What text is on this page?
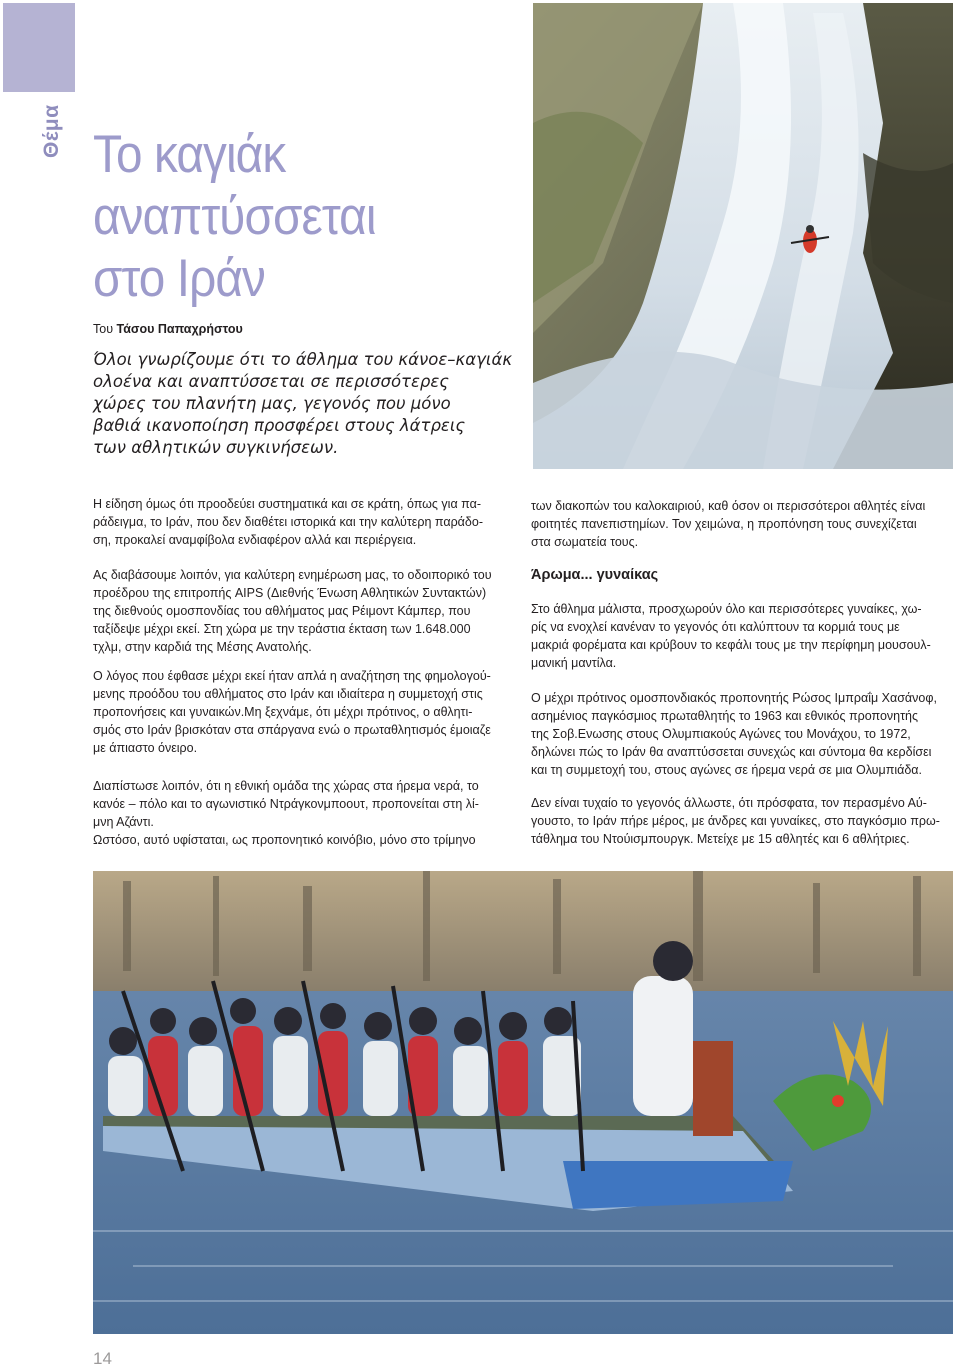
Θέμα Το καγιάκ
αναπτύσσεται
στο Ιράν
Του Τάσου Παπαχρήστου
Όλοι γνωρίζουμε ότι το άθλημα του κάνοε–καγιάκ
ολοένα και αναπτύσσεται σε περισσότερες
χώρες του πλανήτη μας, γεγονός που μόνο
βαθιά ικανοποίηση προσφέρει στους λάτρεις
των αθλητικών συγκινήσεων.
Η είδηση όμως ότι προοδεύει συστηματικά και σε κράτη, όπως για πα-
ράδειγμα, το Ιράν, που δεν διαθέτει ιστορικά και την καλύτερη παράδο-
ση, προκαλεί αναμφίβολα ενδιαφέρον αλλά και περιέργεια.
Ας διαβάσουμε λοιπόν, για καλύτερη ενημέρωση μας, το οδοιπορικό του
προέδρου της επιτροπής AIPS (Διεθνής Ένωση Αθλητικών Συντακτών)
της διεθνούς ομοσπονδίας του αθλήματος μας Ρέιμοντ Κάμπερ, που
ταξίδεψε μέχρι εκεί. Στη χώρα με την τεράστια έκταση των 1.648.000
τχλμ, στην καρδιά της Μέσης Ανατολής.
Ο λόγος που έφθασε μέχρι εκεί ήταν απλά η αναζήτηση της φημολογού-
μενης προόδου του αθλήματος στο Ιράν και ιδιαίτερα η συμμετοχή στις
προπονήσεις και γυναικών.Μη ξεχνάμε, ότι μέχρι πρότινος, ο αθλητι-
σμός στο Ιράν βρισκόταν στα σπάργανα ενώ ο πρωταθλητισμός έμοιαζε
με άπιαστο όνειρο.
Διαπίστωσε λοιπόν, ότι η εθνική ομάδα της χώρας στα ήρεμα νερά, το
κανόε – πόλο και το αγωνιστικό Ντράγκονμποουτ, προπονείται στη λί-
μνη Αζάντι.
Ωστόσο, αυτό υφίσταται, ως προπονητικό κοινόβιο, μόνο στο τρίμηνο
των διακοπών του καλοκαιριού, καθ όσον οι περισσότεροι αθλητές είναι
φοιτητές πανεπιστημίων. Τον χειμώνα, η προπόνηση τους συνεχίζεται
στα σωματεία τους.
Άρωμα... γυναίκας
Στο άθλημα μάλιστα, προσχωρούν όλο και περισσότερες γυναίκες, χω-
ρίς να ενοχλεί κανέναν το γεγονός ότι καλύπτουν τα κορμιά τους με
μακριά φορέματα και κρύβουν το κεφάλι τους με την περίφημη μουσουλ-
μανική μαντίλα.
Ο μέχρι πρότινος ομοσπονδιακός προπονητής Ρώσος Ιμπραΐμ Χασάνοφ,
ασημένιος παγκόσμιος πρωταθλητής το 1963 και εθνικός προπονητής
της Σοβ.Ενωσης στους Ολυμπιακούς Αγώνες του Μονάχου, το 1972,
δηλώνει πώς το Ιράν θα αναπτύσσεται συνεχώς και σύντομα θα κερδίσει
και τη συμμετοχή του, στους αγώνες σε ήρεμα νερά σε μια Ολυμπιάδα.
Δεν είναι τυχαίο το γεγονός άλλωστε, ότι πρόσφατα, τον περασμένο Αύ-
γουστο, το Ιράν πήρε μέρος, με άνδρες και γυναίκες, στο παγκόσμιο πρω-
τάθλημα του Ντούισμπουργκ. Μετείχε με 15 αθλητές και 6 αθλήτριες.
14
